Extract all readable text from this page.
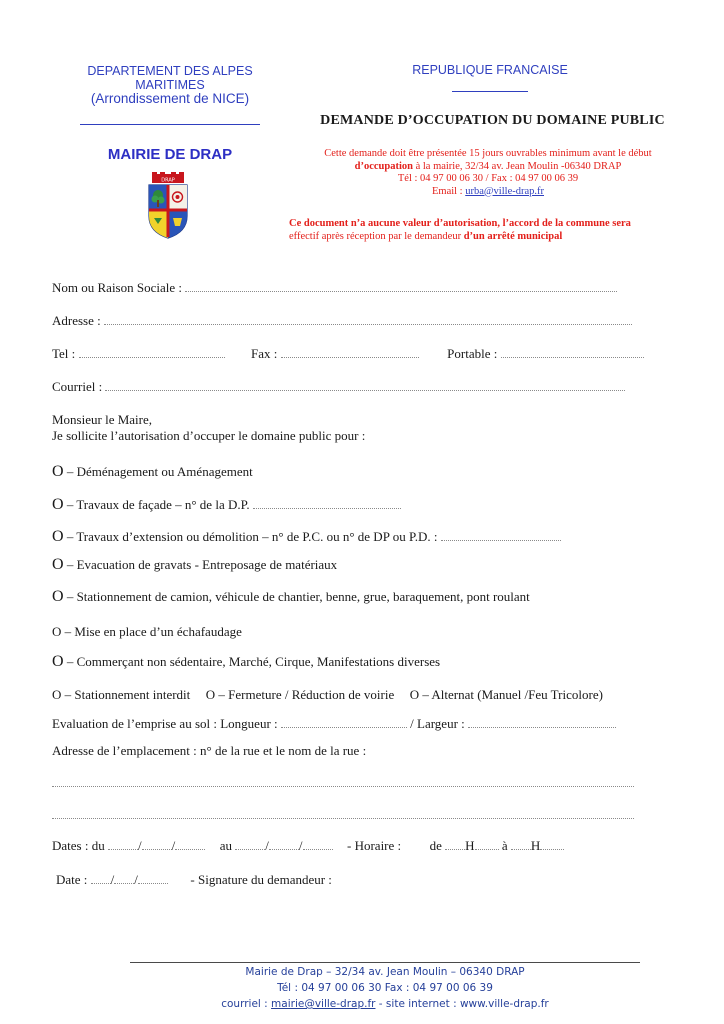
DEPARTEMENT DES ALPES
MARITIMES
(Arrondissement de NICE)
MAIRIE DE DRAP
DRAP
REPUBLIQUE FRANCAISE
DEMANDE D’OCCUPATION DU DOMAINE PUBLIC
Cette demande doit être présentée 15 jours ouvrables minimum avant le début
d’occupation à la mairie, 32/34 av. Jean Moulin -06340 DRAP
Tél : 04 97 00 06 30 / Fax : 04 97 00 06 39
Email : urba@ville-drap.fr
Ce document n’a aucune valeur d’autorisation, l’accord de la commune sera
effectif après réception par le demandeur d’un arrêté municipal
Nom ou Raison Sociale :
Adresse :
Tel :	Fax :	Portable :
Courriel :
Monsieur le Maire,
Je sollicite l’autorisation d’occuper le domaine public pour :
O – Déménagement ou Aménagement
O – Travaux de façade – n° de la D.P.
O – Travaux d’extension ou démolition – n° de P.C. ou n° de DP ou P.D. :
O – Evacuation de gravats - Entreposage de matériaux
O – Stationnement de camion, véhicule de chantier, benne, grue, baraquement, pont roulant
O – Mise en place d’un échafaudage
O – Commerçant non sédentaire, Marché, Cirque, Manifestations diverses
O – Stationnement interdit O – Fermeture / Réduction de voirie O – Alternat (Manuel /Feu Tricolore)
Evaluation de l’emprise au sol : Longueur :	/ Largeur :
Adresse de l’emplacement : n° de la rue et le nom de la rue :
Dates : du	/ /	au	/ /	- Horaire : de H à H
Date : / /	- Signature du demandeur :
Mairie de Drap – 32/34 av. Jean Moulin – 06340 DRAP
Tél : 04 97 00 06 30 Fax : 04 97 00 06 39
courriel : mairie@ville-drap.fr - site internet : www.ville-drap.fr
